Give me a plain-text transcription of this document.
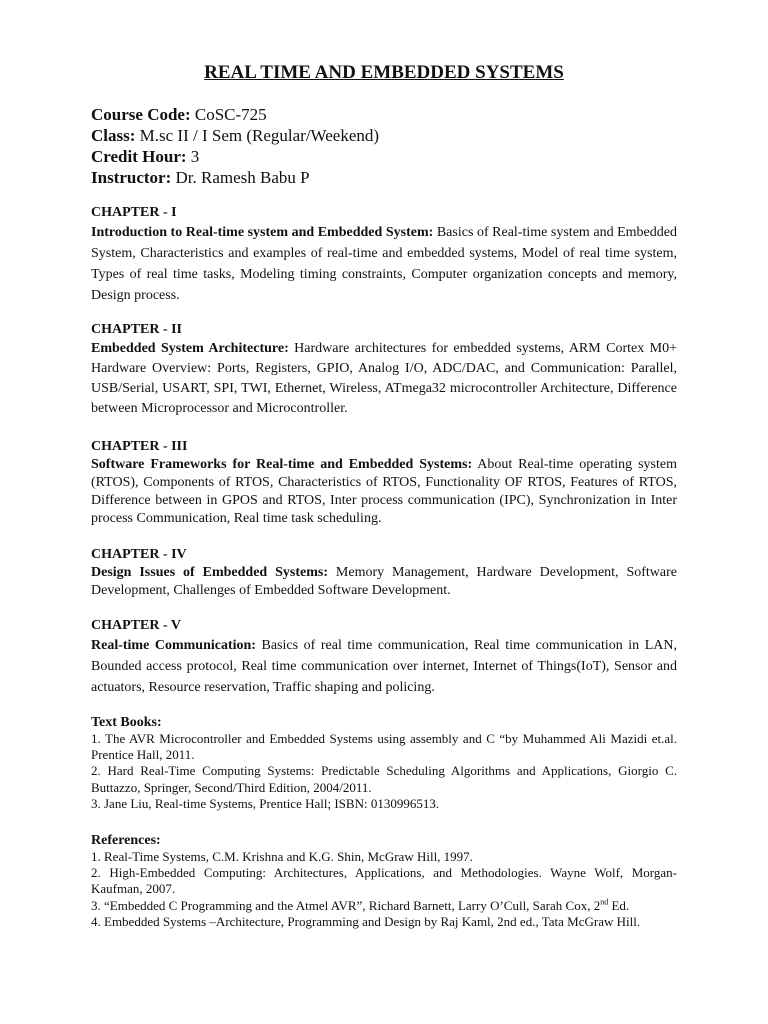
REAL TIME AND EMBEDDED SYSTEMS
Course Code: CoSC-725
Class: M.sc II / I Sem (Regular/Weekend)
Credit Hour: 3
Instructor: Dr. Ramesh Babu P
CHAPTER - I
Introduction to Real-time system and Embedded System: Basics of Real-time system and Embedded System, Characteristics and examples of real-time and embedded systems, Model of real time system, Types of real time tasks, Modeling timing constraints, Computer organization concepts and memory, Design process.
CHAPTER - II
Embedded System Architecture: Hardware architectures for embedded systems, ARM Cortex M0+ Hardware Overview: Ports, Registers, GPIO, Analog I/O, ADC/DAC, and Communication: Parallel, USB/Serial, USART, SPI, TWI, Ethernet, Wireless, ATmega32 microcontroller Architecture, Difference between Microprocessor and Microcontroller.
CHAPTER - III
Software Frameworks for Real-time and Embedded Systems: About Real-time operating system (RTOS), Components of RTOS, Characteristics of RTOS, Functionality OF RTOS, Features of RTOS, Difference between in GPOS and RTOS, Inter process communication (IPC), Synchronization in Inter process Communication, Real time task scheduling.
CHAPTER - IV
Design Issues of Embedded Systems: Memory Management, Hardware Development, Software Development, Challenges of Embedded Software Development.
CHAPTER - V
Real-time Communication: Basics of real time communication, Real time communication in LAN, Bounded access protocol, Real time communication over internet, Internet of Things(IoT), Sensor and actuators, Resource reservation, Traffic shaping and policing.
Text Books:
1. The AVR Microcontroller and Embedded Systems using assembly and C “by Muhammed Ali Mazidi et.al. Prentice Hall, 2011.
2. Hard Real-Time Computing Systems: Predictable Scheduling Algorithms and Applications, Giorgio C. Buttazzo, Springer, Second/Third Edition, 2004/2011.
3. Jane Liu, Real-time Systems, Prentice Hall; ISBN: 0130996513.
References:
1. Real-Time Systems, C.M. Krishna and K.G. Shin, McGraw Hill, 1997.
2. High-Embedded Computing: Architectures, Applications, and Methodologies. Wayne Wolf, Morgan-Kaufman, 2007.
3. “Embedded C Programming and the Atmel AVR”, Richard Barnett, Larry O’Cull, Sarah Cox, 2nd Ed.
4. Embedded Systems –Architecture, Programming and Design by Raj Kaml, 2nd ed., Tata McGraw Hill.
